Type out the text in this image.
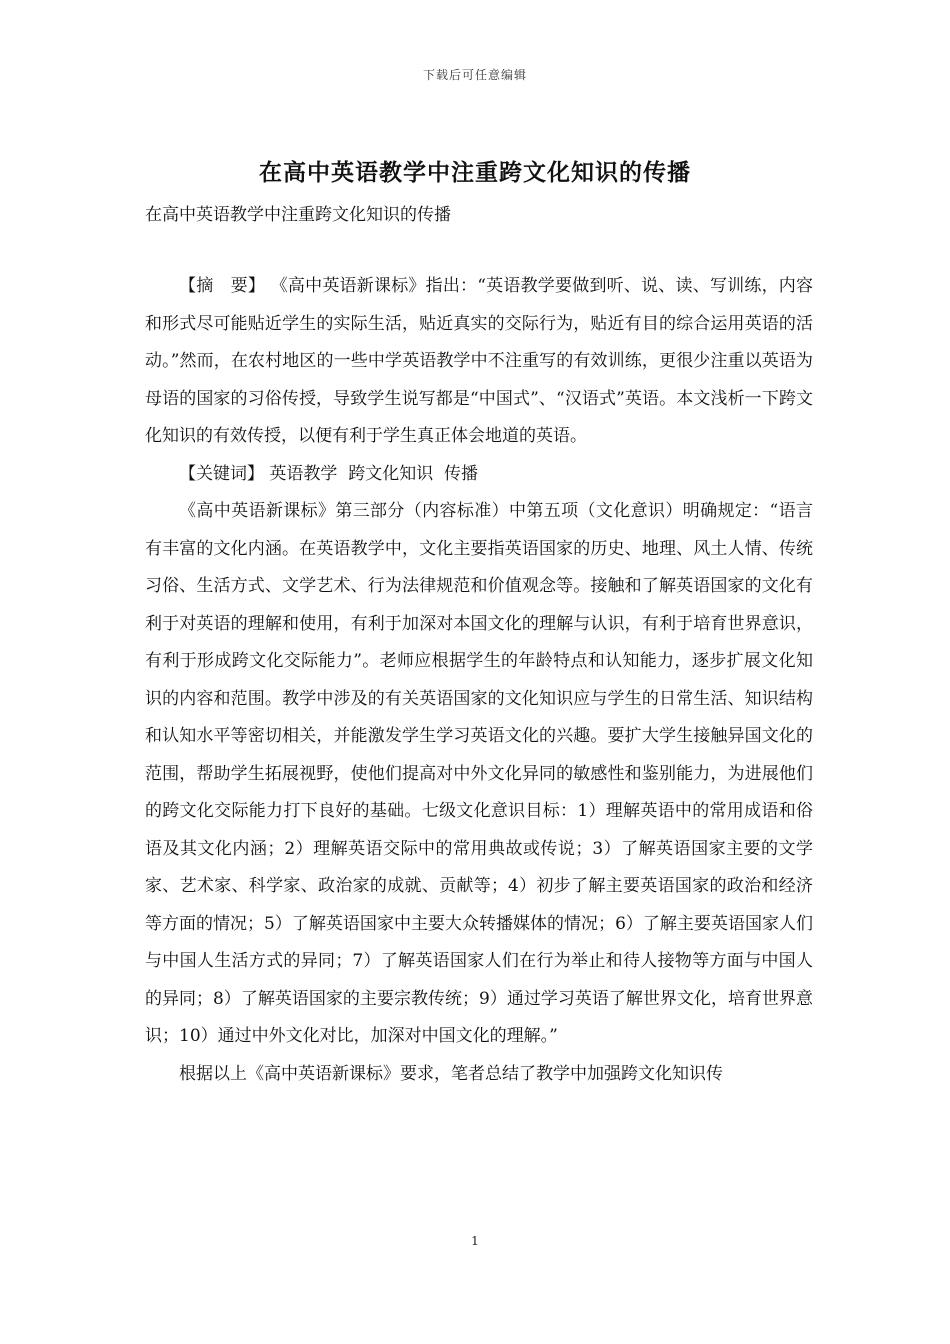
下载后可任意编辑
在高中英语教学中注重跨文化知识的传播

在高中英语教学中注重跨文化知识的传播

【摘　要】 《高中英语新课标》指出：“英语教学要做到听、说、读、写训练，内容和形式尽可能贴近学生的实际生活，贴近真实的交际行为，贴近有目的综合运用英语的活动。”然而，在农村地区的一些中学英语教学中不注重写的有效训练，更很少注重以英语为母语的国家的习俗传授，导致学生说写都是“中国式”、“汉语式”英语。本文浅析一下跨文化知识的有效传授，以便有利于学生真正体会地道的英语。

【关键词】 英语教学  跨文化知识  传播

《高中英语新课标》第三部分（内容标准）中第五项（文化意识）明确规定：“语言有丰富的文化内涵。在英语教学中，文化主要指英语国家的历史、地理、风土人情、传统习俗、生活方式、文学艺术、行为法律规范和价值观念等。接触和了解英语国家的文化有利于对英语的理解和使用，有利于加深对本国文化的理解与认识，有利于培育世界意识，有利于形成跨文化交际能力”。老师应根据学生的年龄特点和认知能力，逐步扩展文化知识的内容和范围。教学中涉及的有关英语国家的文化知识应与学生的日常生活、知识结构和认知水平等密切相关，并能激发学生学习英语文化的兴趣。要扩大学生接触异国文化的范围，帮助学生拓展视野，使他们提高对中外文化异同的敏感性和鉴别能力，为进展他们的跨文化交际能力打下良好的基础。七级文化意识目标：1）理解英语中的常用成语和俗语及其文化内涵；2）理解英语交际中的常用典故或传说；3）了解英语国家主要的文学家、艺术家、科学家、政治家的成就、贡献等；4）初步了解主要英语国家的政治和经济等方面的情况；5）了解英语国家中主要大众转播媒体的情况；6）了解主要英语国家人们与中国人生活方式的异同；7）了解英语国家人们在行为举止和待人接物等方面与中国人的异同；8）了解英语国家的主要宗教传统；9）通过学习英语了解世界文化，培育世界意识；10）通过中外文化对比，加深对中国文化的理解。”

根据以上《高中英语新课标》要求，笔者总结了教学中加强跨文化知识传

1
